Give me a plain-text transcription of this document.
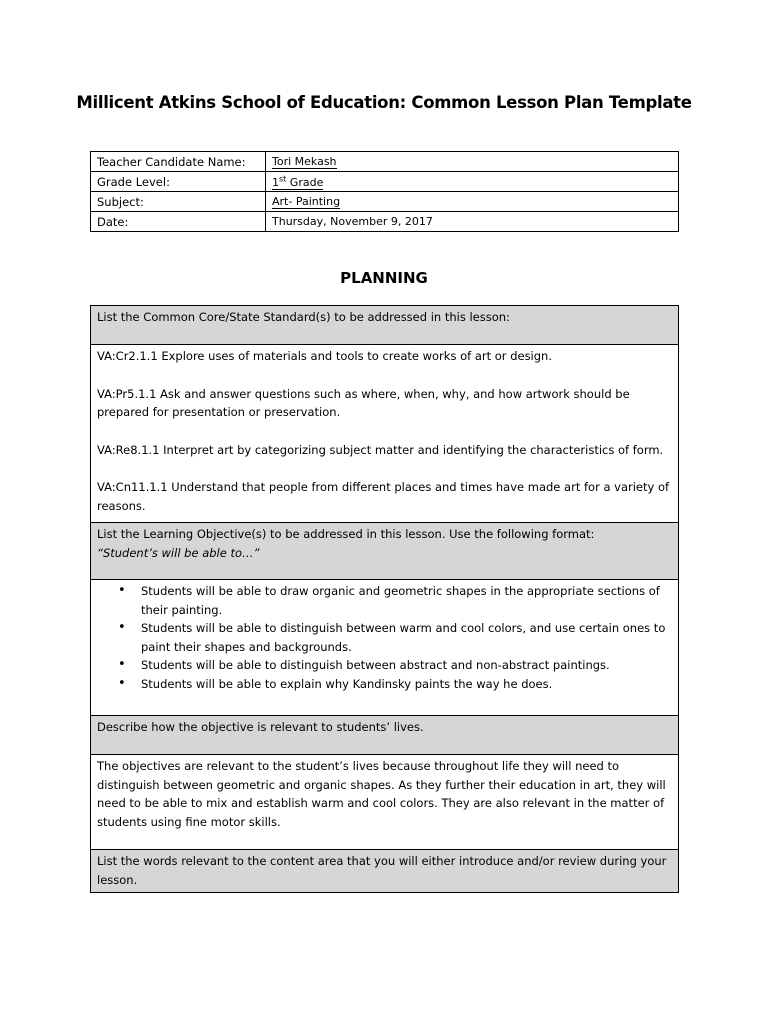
Millicent Atkins School of Education: Common Lesson Plan Template
Teacher Candidate Name:	Tori Mekash
Grade Level:	1st Grade
Subject:	Art- Painting
Date:	Thursday, November 9, 2017
PLANNING
List the Common Core/State Standard(s) to be addressed in this lesson:

VA:Cr2.1.1 Explore uses of materials and tools to create works of art or design.
VA:Pr5.1.1 Ask and answer questions such as where, when, why, and how artwork should be prepared for presentation or preservation.
VA:Re8.1.1 Interpret art by categorizing subject matter and identifying the characteristics of form.
VA:Cn11.1.1 Understand that people from different places and times have made art for a variety of reasons.

List the Learning Objective(s) to be addressed in this lesson. Use the following format:
“Student’s will be able to…”

• Students will be able to draw organic and geometric shapes in the appropriate sections of their painting.
• Students will be able to distinguish between warm and cool colors, and use certain ones to paint their shapes and backgrounds.
• Students will be able to distinguish between abstract and non-abstract paintings.
• Students will be able to explain why Kandinsky paints the way he does.

Describe how the objective is relevant to students’ lives.
The objectives are relevant to the student’s lives because throughout life they will need to distinguish between geometric and organic shapes. As they further their education in art, they will need to be able to mix and establish warm and cool colors. They are also relevant in the matter of students using fine motor skills.
List the words relevant to the content area that you will either introduce and/or review during your lesson.
